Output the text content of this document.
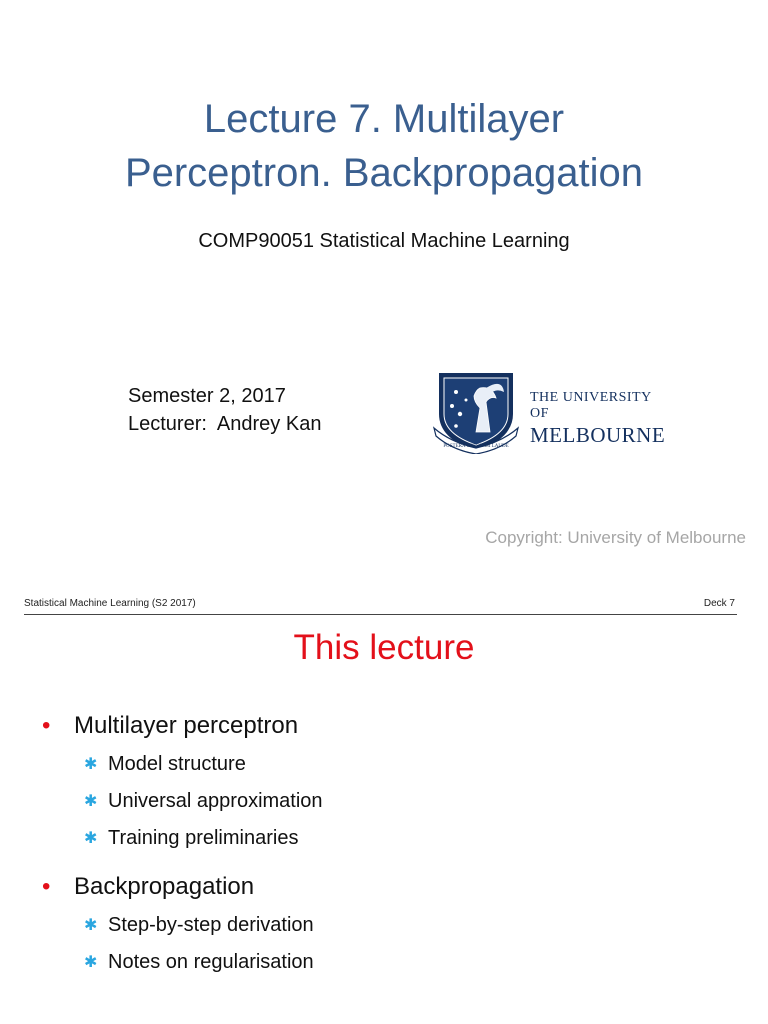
Lecture 7. Multilayer
Perceptron. Backpropagation
COMP90051 Statistical Machine Learning
Semester 2, 2017
Lecturer:  Andrey Kan
POSTERA CRESCAM LAUDE
THE UNIVERSITY OF
MELBOURNE
Copyright: University of Melbourne
Statistical Machine Learning (S2 2017)	Deck 7
This lecture
• Multilayer perceptron
✱ Model structure
✱ Universal approximation
✱ Training preliminaries
• Backpropagation
✱ Step-by-step derivation
✱ Notes on regularisation
